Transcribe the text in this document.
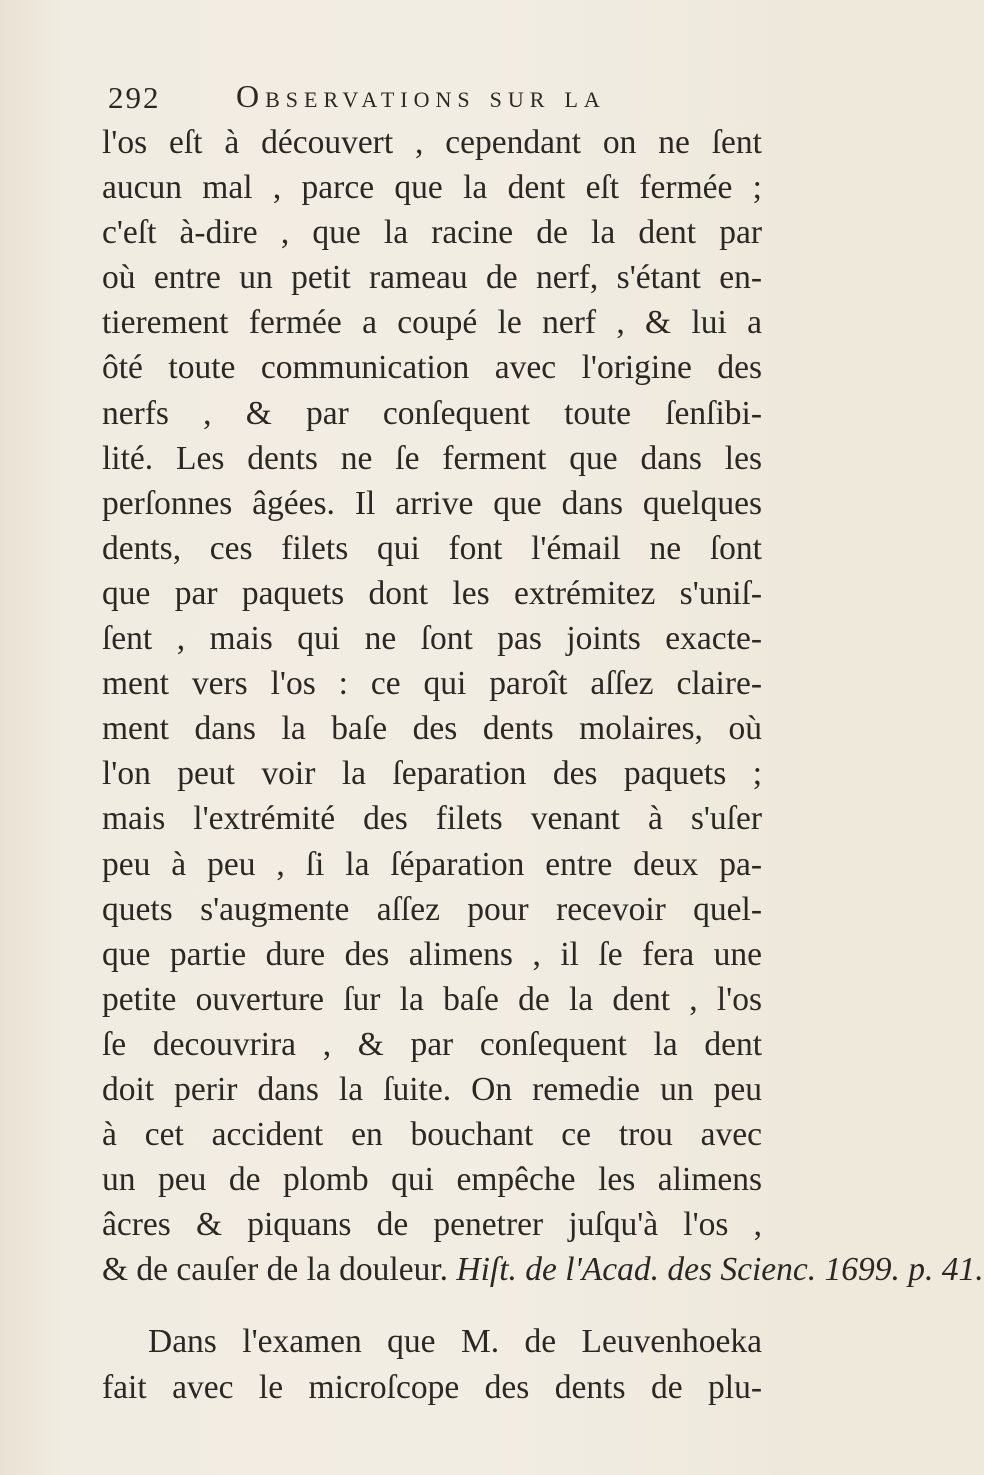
292 Observations sur la
l'os eſt à découvert , cependant on ne ſent
aucun mal , parce que la dent eſt fermée ;
c'eſt à-dire , que la racine de la dent par
où entre un petit rameau de nerf, s'étant en-
tierement fermée a coupé le nerf , & lui a
ôté toute communication avec l'origine des
nerfs , & par conſequent toute ſenſibi-
lité. Les dents ne ſe ferment que dans les
perſonnes âgées. Il arrive que dans quelques
dents, ces filets qui font l'émail ne ſont
que par paquets dont les extrémitez s'uniſ-
ſent , mais qui ne ſont pas joints exacte-
ment vers l'os : ce qui paroît aſſez claire-
ment dans la baſe des dents molaires, où
l'on peut voir la ſeparation des paquets ;
mais l'extrémité des filets venant à s'uſer
peu à peu , ſi la ſéparation entre deux pa-
quets s'augmente aſſez pour recevoir quel-
que partie dure des alimens , il ſe fera une
petite ouverture ſur la baſe de la dent , l'os
ſe decouvrira , & par conſequent la dent
doit perir dans la ſuite. On remedie un peu
à cet accident en bouchant ce trou avec
un peu de plomb qui empêche les alimens
âcres & piquans de penetrer juſqu'à l'os ,
& de cauſer de la douleur. Hiſt. de l'Acad. des Scienc. 1699. p. 41.
Dans l'examen que M. de Leuvenhoeka
fait avec le microſcope des dents de plu-
